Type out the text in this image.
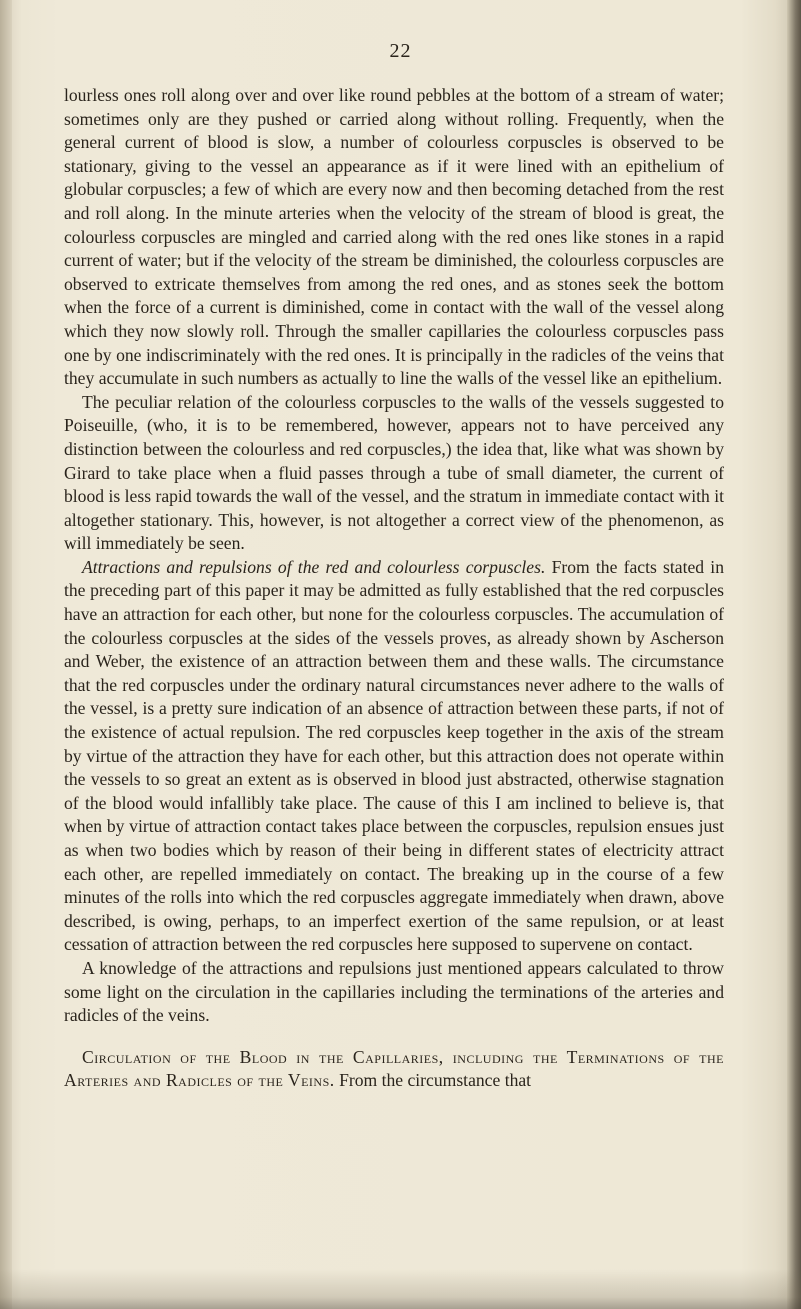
22

lourless ones roll along over and over like round pebbles at the bottom of a stream of water; sometimes only are they pushed or carried along without rolling. Frequently, when the general current of blood is slow, a number of colourless corpuscles is observed to be stationary, giving to the vessel an appearance as if it were lined with an epithelium of globular corpuscles; a few of which are every now and then becoming detached from the rest and roll along. In the minute arteries when the velocity of the stream of blood is great, the colourless corpuscles are mingled and carried along with the red ones like stones in a rapid current of water; but if the velocity of the stream be diminished, the colourless corpuscles are observed to extricate themselves from among the red ones, and as stones seek the bottom when the force of a current is diminished, come in contact with the wall of the vessel along which they now slowly roll. Through the smaller capillaries the colourless corpuscles pass one by one indiscriminately with the red ones. It is principally in the radicles of the veins that they accumulate in such numbers as actually to line the walls of the vessel like an epithelium.

The peculiar relation of the colourless corpuscles to the walls of the vessels suggested to Poiseuille, (who, it is to be remembered, however, appears not to have perceived any distinction between the colourless and red corpuscles,) the idea that, like what was shown by Girard to take place when a fluid passes through a tube of small diameter, the current of blood is less rapid towards the wall of the vessel, and the stratum in immediate contact with it altogether stationary. This, however, is not altogether a correct view of the phenomenon, as will immediately be seen.

Attractions and repulsions of the red and colourless corpuscles. From the facts stated in the preceding part of this paper it may be admitted as fully established that the red corpuscles have an attraction for each other, but none for the colourless corpuscles. The accumulation of the colourless corpuscles at the sides of the vessels proves, as already shown by Ascherson and Weber, the existence of an attraction between them and these walls. The circumstance that the red corpuscles under the ordinary natural circumstances never adhere to the walls of the vessel, is a pretty sure indication of an absence of attraction between these parts, if not of the existence of actual repulsion. The red corpuscles keep together in the axis of the stream by virtue of the attraction they have for each other, but this attraction does not operate within the vessels to so great an extent as is observed in blood just abstracted, otherwise stagnation of the blood would infallibly take place. The cause of this I am inclined to believe is, that when by virtue of attraction contact takes place between the corpuscles, repulsion ensues just as when two bodies which by reason of their being in different states of electricity attract each other, are repelled immediately on contact. The breaking up in the course of a few minutes of the rolls into which the red corpuscles aggregate immediately when drawn, above described, is owing, perhaps, to an imperfect exertion of the same repulsion, or at least cessation of attraction between the red corpuscles here supposed to supervene on contact.

A knowledge of the attractions and repulsions just mentioned appears calculated to throw some light on the circulation in the capillaries including the terminations of the arteries and radicles of the veins.

Circulation of the Blood in the Capillaries, including the Terminations of the Arteries and Radicles of the Veins. From the circumstance that
